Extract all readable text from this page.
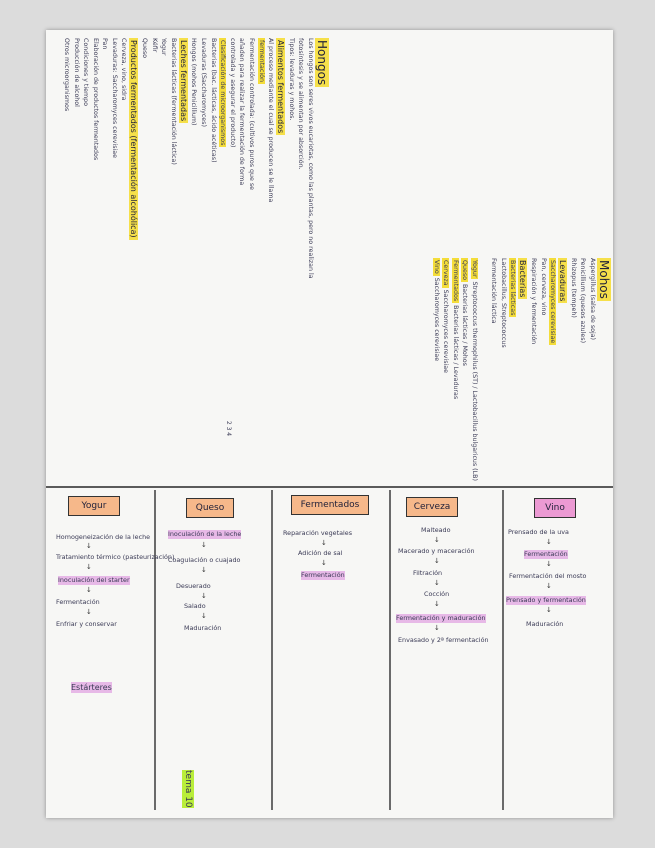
Hongos
Los hongos son seres vivos eucariotas, como las plantas, pero no realizan la
fotosíntesis y se alimentan por absorción.
Tipos: levaduras y mohos.
Alimentos fermentados
Al proceso mediante el cual se producen se le llama
fermentación
Fermentación controlada: (cultivos puros que se
añaden para realizar la fermentación de forma
controlada y asegurar el producto)
Clasificación de microorganismos
Bacterias (bac. lácticas, ácido acéticas)
Levaduras (Saccharomyces)
Hongos (mohos Penicillium)
Leches fermentadas
Bacterias lácticas (fermentación láctica)
Yogur
Kéfir
Queso
Productos fermentados (fermentación alcohólica)
Cerveza, vino, sidra
Levaduras: Saccharomyces cerevisiae
Pan
Elaboración de productos fermentados
Condiciones y tiempo
Producción de alcohol
Otros microorganismos
Mohos
Aspergillus (salsa de soja)
Penicillium (quesos azules)
Rhizopus (tempeh)
Levaduras
Saccharomyces cerevisiae
Pan, cerveza, vino
Respiración y fermentación
Bacterias
Bacterias lácticas
Lactobacillus, Streptococcus
Fermentación láctica

Yogur Streptococcus thermophilus (ST) / Lactobacillus bulgaricus (LB)
Queso Bacterias lácticas / Mohos
Fermentados Bacterias lácticas / Levaduras
Cerveza Saccharomyces cerevisiae
Vino Saccharomyces cerevisiae
2 3 4
Yogur
Homogeneización de la leche
↓
Tratamiento térmico (pasteurización)
↓
Inoculación del starter
↓
Fermentación
↓
Enfriar y conservar
Estárteres
Queso
Inoculación de la leche
↓
Coagulación o cuajado
↓
Desuerado
↓
Salado
↓
Maduración
tema 10
Fermentados
Reparación vegetales
↓
Adición de sal
↓
Fermentación
Cerveza
Malteado
↓
Macerado y maceración
↓
Filtración
↓
Cocción
↓
Fermentación y maduración
↓
Envasado y 2ª fermentación
Vino
Prensado de la uva
↓
Fermentación
↓
Fermentación del mosto
↓
Prensado y fermentación
↓
Maduración
